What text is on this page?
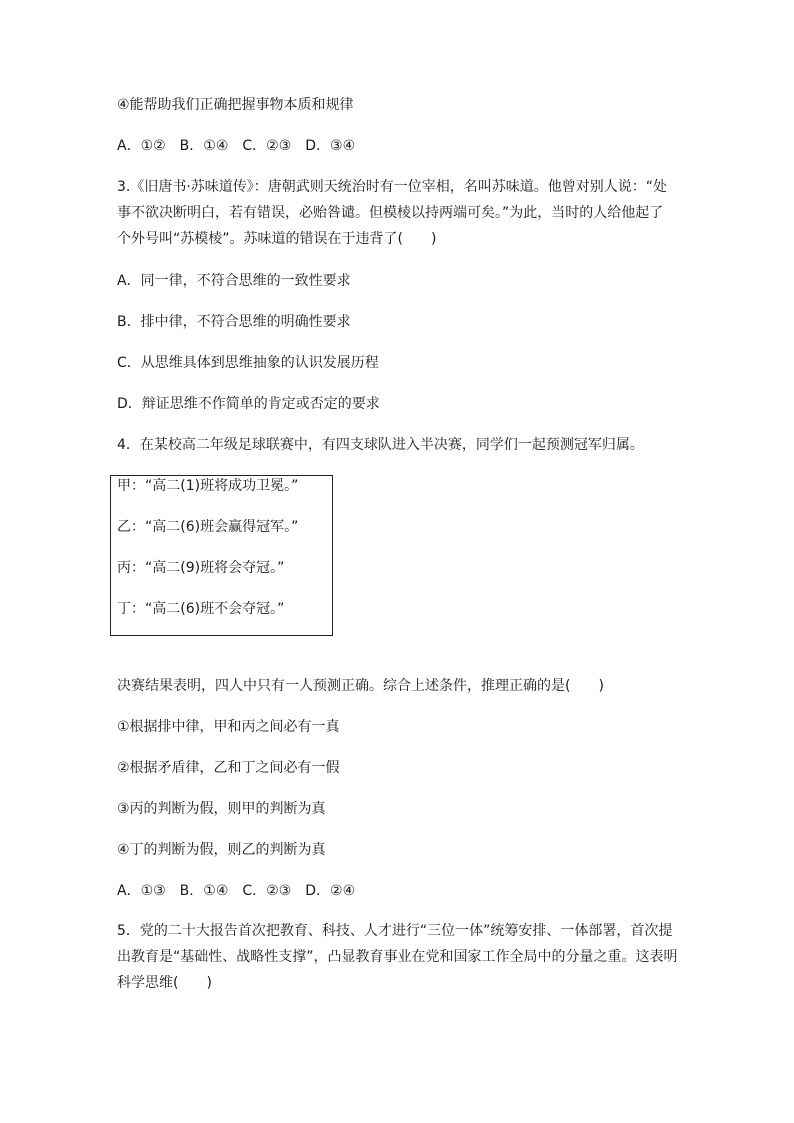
④能帮助我们正确把握事物本质和规律
A．①②　B．①④　C．②③　D．③④
3.《旧唐书·苏味道传》：唐朝武则天统治时有一位宰相，名叫苏味道。他曾对别人说：“处
事不欲决断明白，若有错误，必贻咎谴。但模棱以持两端可矣。”为此，当时的人给他起了
个外号叫“苏模棱”。苏味道的错误在于违背了(　　)
A．同一律，不符合思维的一致性要求
B．排中律，不符合思维的明确性要求
C．从思维具体到思维抽象的认识发展历程
D．辩证思维不作简单的肯定或否定的要求
4．在某校高二年级足球联赛中，有四支球队进入半决赛，同学们一起预测冠军归属。
甲：“高二(1)班将成功卫冕。”
乙：“高二(6)班会赢得冠军。”
丙：“高二(9)班将会夺冠。”
丁：“高二(6)班不会夺冠。”
决赛结果表明，四人中只有一人预测正确。综合上述条件，推理正确的是(　　)
①根据排中律，甲和丙之间必有一真
②根据矛盾律，乙和丁之间必有一假
③丙的判断为假，则甲的判断为真
④丁的判断为假，则乙的判断为真
A．①③　B．①④　C．②③　D．②④
5．党的二十大报告首次把教育、科技、人才进行“三位一体”统筹安排、一体部署，首次提
出教育是“基础性、战略性支撑”，凸显教育事业在党和国家工作全局中的分量之重。这表明
科学思维(　　)
